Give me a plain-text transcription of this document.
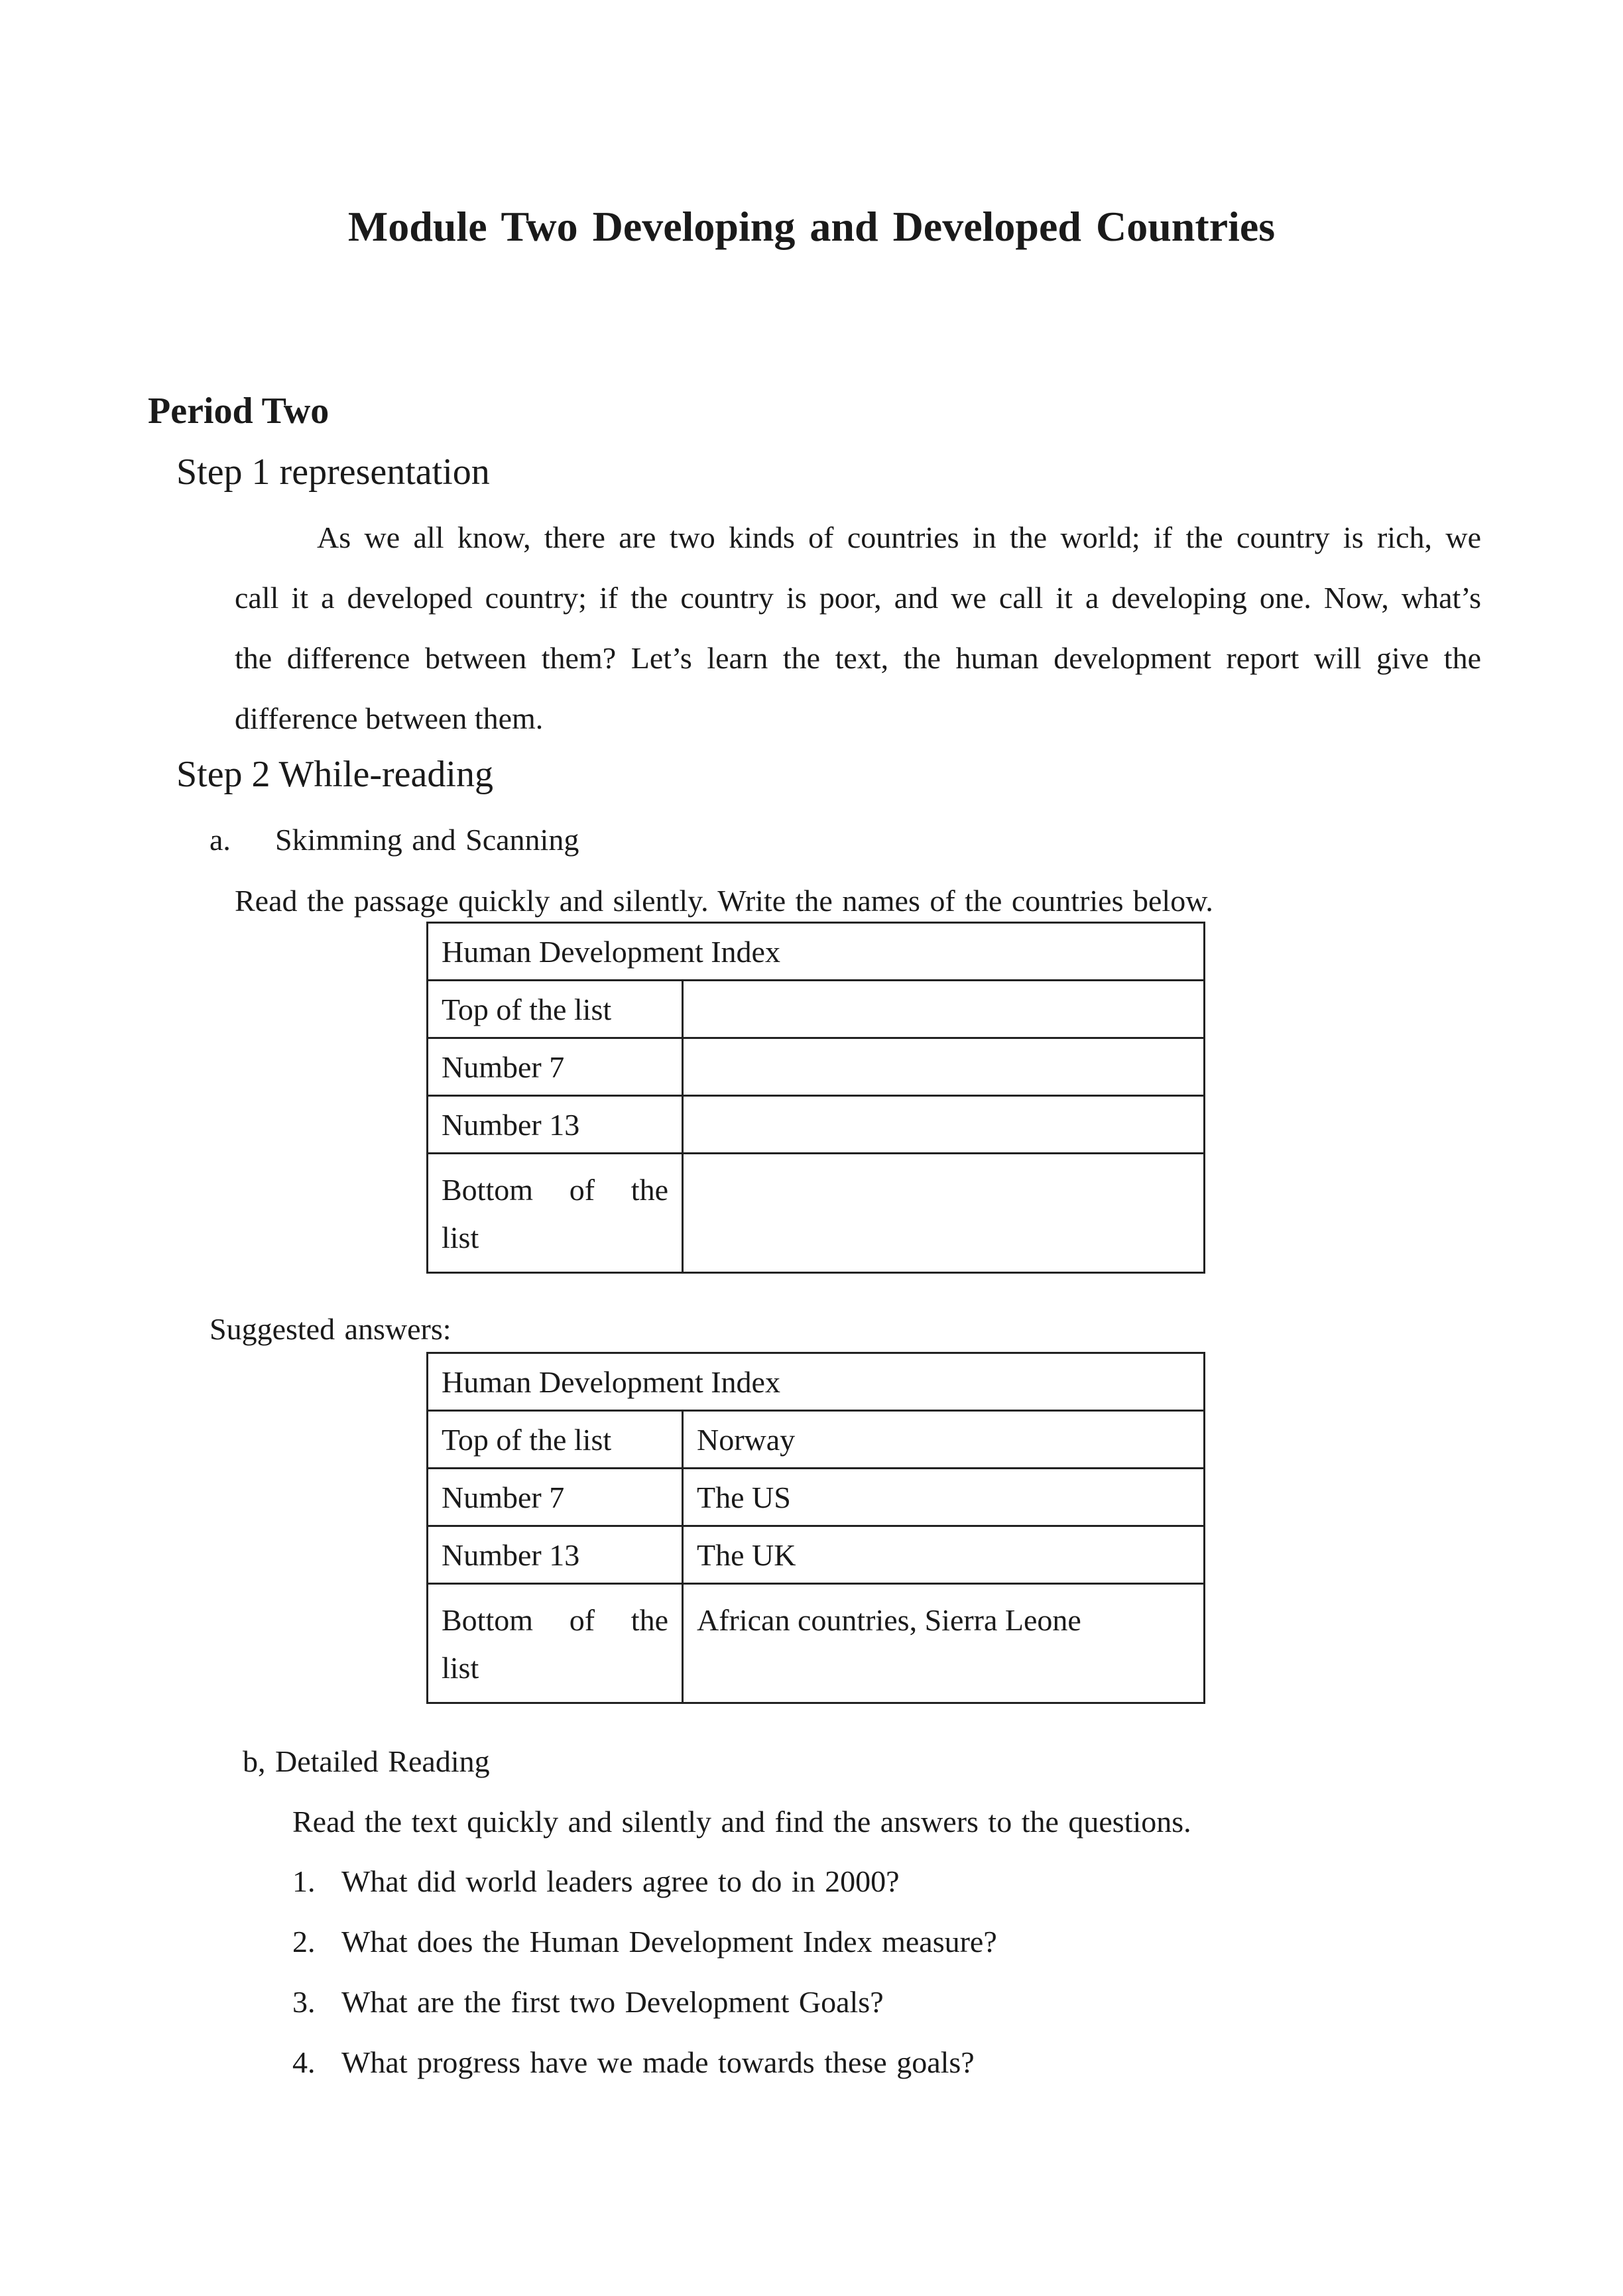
Module Two Developing and Developed Countries
Period Two
Step 1 representation
As we all know, there are two kinds of countries in the world; if the country is rich, we
call it a developed country; if the country is poor, and we call it a developing one. Now, what’s
the difference between them? Let’s learn the text, the human development report will give the
difference between them.
Step 2 While-reading
a. Skimming and Scanning
Read the passage quickly and silently. Write the names of the countries below.
Human Development Index	
Top of the list	
Number 7	
Number 13	

Bottom of the
list	

Suggested answers:
Human Development Index	
Top of the list	Norway
Number 7	The US
Number 13	The UK

Bottom of the
list	African countries, Sierra Leone
b, Detailed Reading
Read the text quickly and silently and find the answers to the questions.
1. What did world leaders agree to do in 2000?
2. What does the Human Development Index measure?
3. What are the first two Development Goals?
4. What progress have we made towards these goals?
